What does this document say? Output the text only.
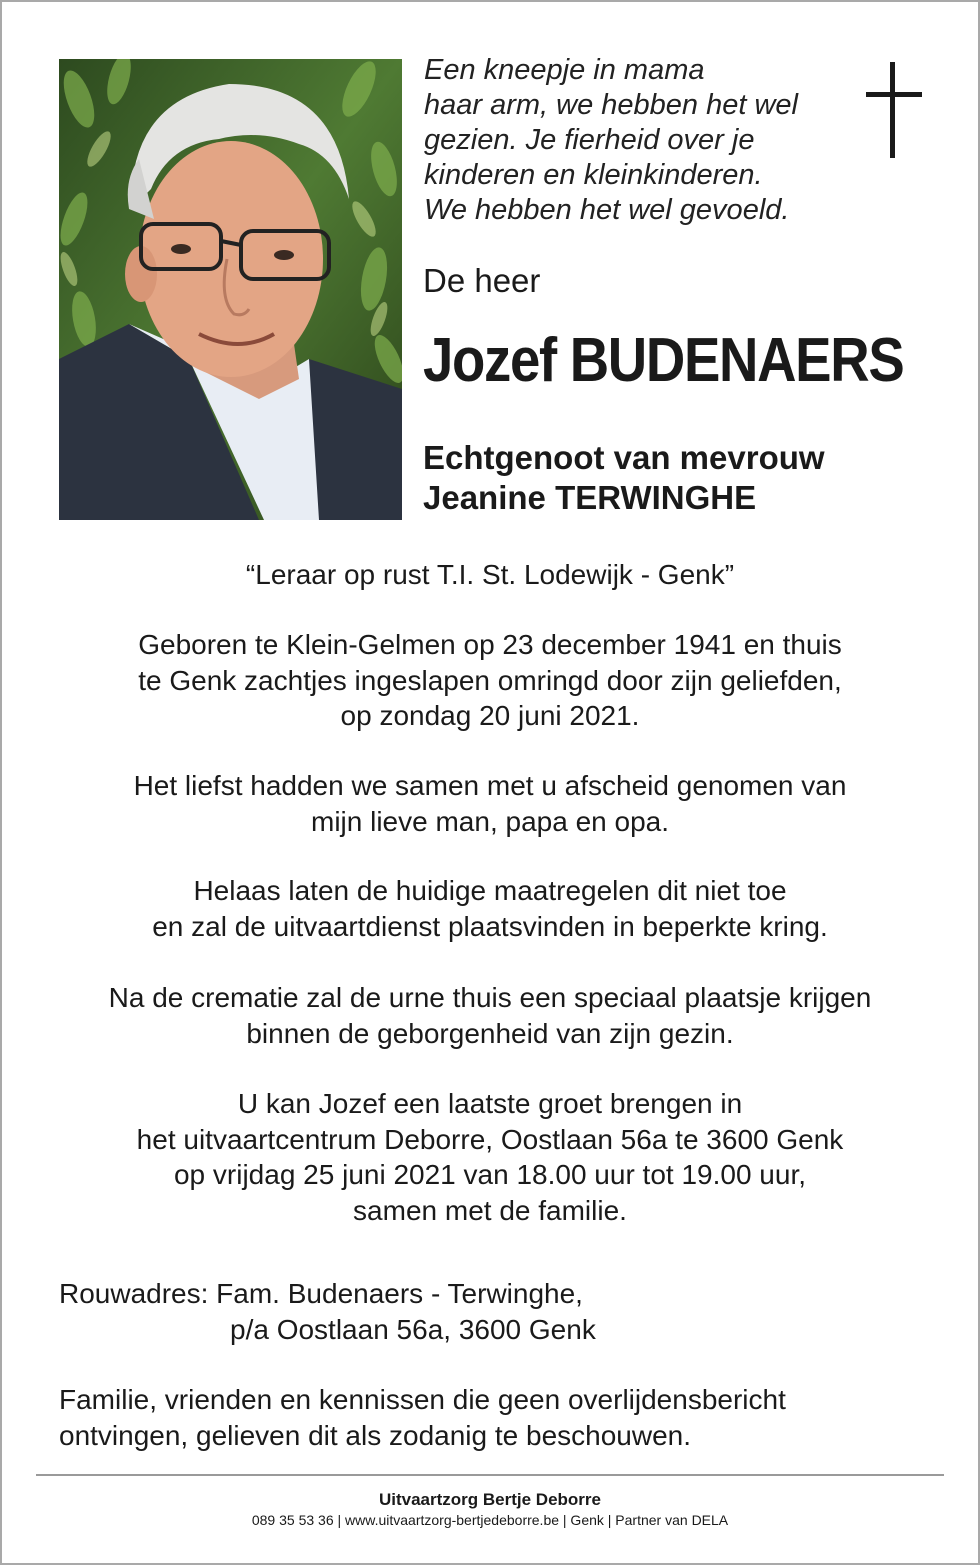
Een kneepje in mama
haar arm, we hebben het wel
gezien. Je fierheid over je
kinderen en kleinkinderen.
We hebben het wel gevoeld.
De heer
Jozef BUDENAERS
Echtgenoot van mevrouw
Jeanine TERWINGHE
“Leraar op rust T.I. St. Lodewijk - Genk”
Geboren te Klein-Gelmen op 23 december 1941 en thuis
te Genk zachtjes ingeslapen omringd door zijn geliefden,
op zondag 20 juni 2021.
Het liefst hadden we samen met u afscheid genomen van
mijn lieve man, papa en opa.
Helaas laten de huidige maatregelen dit niet toe
en zal de uitvaartdienst plaatsvinden in beperkte kring.
Na de crematie zal de urne thuis een speciaal plaatsje krijgen
binnen de geborgenheid van zijn gezin.
U kan Jozef een laatste groet brengen in
het uitvaartcentrum Deborre, Oostlaan 56a te 3600 Genk
op vrijdag 25 juni 2021 van 18.00 uur tot 19.00 uur,
samen met de familie.
Rouwadres: Fam. Budenaers - Terwinghe,
p/a Oostlaan 56a, 3600 Genk
Familie, vrienden en kennissen die geen overlijdensbericht
ontvingen, gelieven dit als zodanig te beschouwen.
Uitvaartzorg Bertje Deborre
089 35 53 36 | www.uitvaartzorg-bertjedeborre.be | Genk | Partner van DELA
